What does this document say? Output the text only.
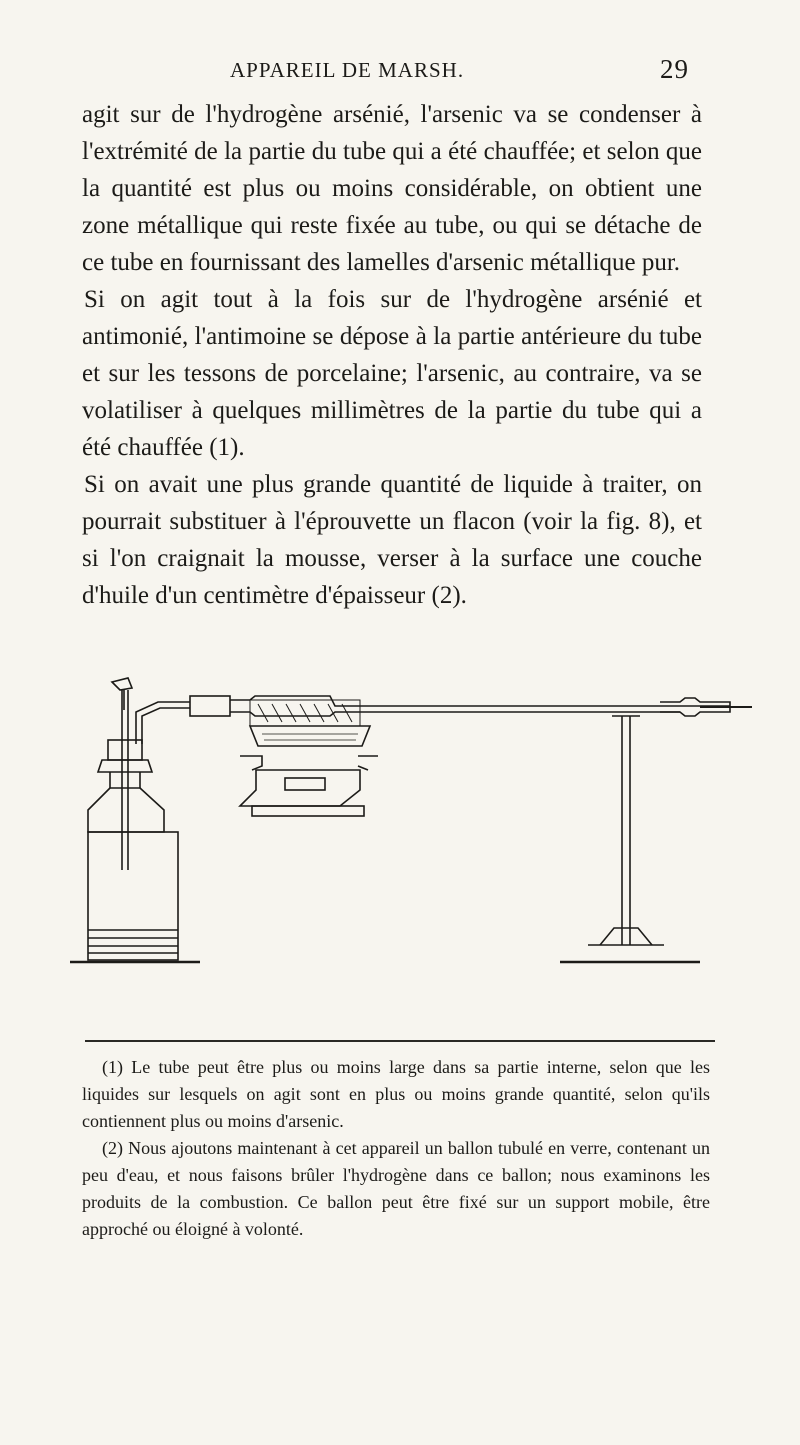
APPAREIL DE MARSH.	29

agit sur de l'hydrogène arsénié, l'arsenic va se condenser à l'extrémité de la partie du tube qui a été chauffée; et selon que la quantité est plus ou moins considérable, on obtient une zone métallique qui reste fixée au tube, ou qui se détache de ce tube en fournissant des lamelles d'arsenic métallique pur.

Si on agit tout à la fois sur de l'hydrogène arsénié et antimonié, l'antimoine se dépose à la partie antérieure du tube et sur les tessons de porcelaine; l'arsenic, au contraire, va se volatiliser à quelques millimètres de la partie du tube qui a été chauffée (1).

Si on avait une plus grande quantité de liquide à traiter, on pourrait substituer à l'éprouvette un flacon (voir la fig. 8), et si l'on craignait la mousse, verser à la surface une couche d'huile d'un centimètre d'épaisseur (2).

(1) Le tube peut être plus ou moins large dans sa partie interne, selon que les liquides sur lesquels on agit sont en plus ou moins grande quantité, selon qu'ils contiennent plus ou moins d'arsenic.

(2) Nous ajoutons maintenant à cet appareil un ballon tubulé en verre, contenant un peu d'eau, et nous faisons brûler l'hydrogène dans ce ballon; nous examinons les produits de la combustion. Ce ballon peut être fixé sur un support mobile, être approché ou éloigné à volonté.
